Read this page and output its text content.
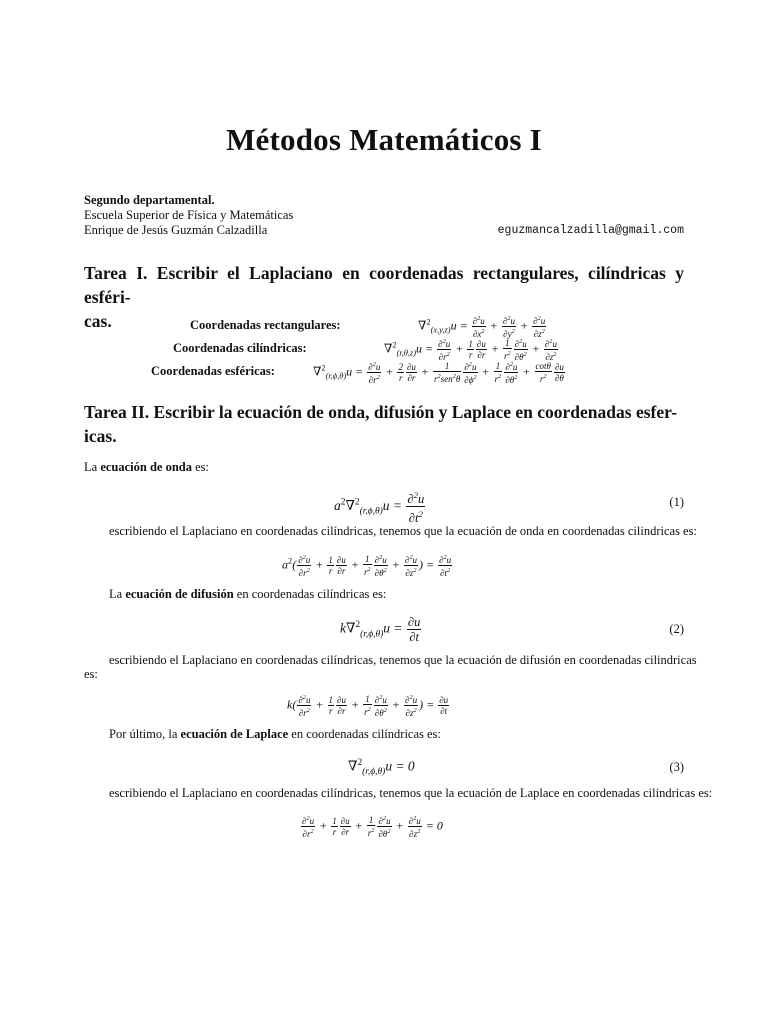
Métodos Matemáticos I
Segundo departamental.
Escuela Superior de Física y Matemáticas
Enrique de Jesús Guzmán Calzadilla	eguzmancalzadilla@gmail.com
Tarea I. Escribir el Laplaciano en coordenadas rectangulares, cilíndricas y esféri-
cas.	Coordenadas rectangulares:	$\nabla^2_{(x,y,z)}u = \frac{\partial^2u}{\partial x^2} + \frac{\partial^2u}{\partial y^2} + \frac{\partial^2u}{\partial z^2}$
Coordenadas cilíndricas:	$\nabla^2_{(r,\theta,z)}u = \frac{\partial^2u}{\partial r^2} + \frac{1}{r} \frac{\partial u}{\partial r} + \frac{1}{r^2} \frac{\partial^2u}{\partial\theta^2} + \frac{\partial^2u}{\partial z^2}$
Coordenadas esféricas:	$\nabla^2_{(r,\phi,\theta)}u = \frac{\partial^2u}{\partial r^2} + \frac{2}{r} \frac{\partial u}{\partial r} + \frac{1}{r^2sen^2\theta} \frac{\partial^2u}{\partial\phi^2} + \frac{1}{r^2} \frac{\partial^2u}{\partial\theta^2} + \frac{\cot\theta}{r^2} \frac{\partial u}{\partial\theta}$
Tarea II. Escribir la ecuación de onda, difusión y Laplace en coordenadas esfer-
icas.
La ecuación de onda es:
$a^2\nabla^2_{(r,\phi,\theta)}u = \frac{\partial^2u}{\partial t^2}$	(1)
escribiendo el Laplaciano en coordenadas cilíndricas, tenemos que la ecuación de onda en coordenadas cilindricas es:
$a^2( \frac{\partial^2u}{\partial r^2} + \frac{1}{r} \frac{\partial u}{\partial r} + \frac{1}{r^2} \frac{\partial^2u}{\partial\theta^2} + \frac{\partial^2u}{\partial z^2}$ ) = $\frac{\partial^2u}{\partial t^2}$
La ecuación de difusión en coordenadas cilíndricas es:
$k\nabla^2_{(r,\phi,\theta)}u = \frac{\partial u}{\partial t}$	(2)
escribiendo el Laplaciano en coordenadas cilíndricas, tenemos que la ecuación de difusión en coordenadas cilindricas
es:
$k( \frac{\partial^2u}{\partial r^2} + \frac{1}{r} \frac{\partial u}{\partial r} + \frac{1}{r^2} \frac{\partial^2u}{\partial\theta^2} + \frac{\partial^2u}{\partial z^2}$ ) = $\frac{\partial u}{\partial t}$
Por último, la ecuación de Laplace en coordenadas cilíndricas es:
∇$^2_{(r,\phi,\theta)}$u = 0	(3)
escribiendo el Laplaciano en coordenadas cilíndricas, tenemos que la ecuación de Laplace en coordenadas cilindricas es:
$\frac{\partial^2u}{\partial r^2} + \frac{1}{r} \frac{\partial u}{\partial r} + \frac{1}{r^2} \frac{\partial^2u}{\partial\theta^2} + \frac{\partial^2u}{\partial z^2} = 0$
